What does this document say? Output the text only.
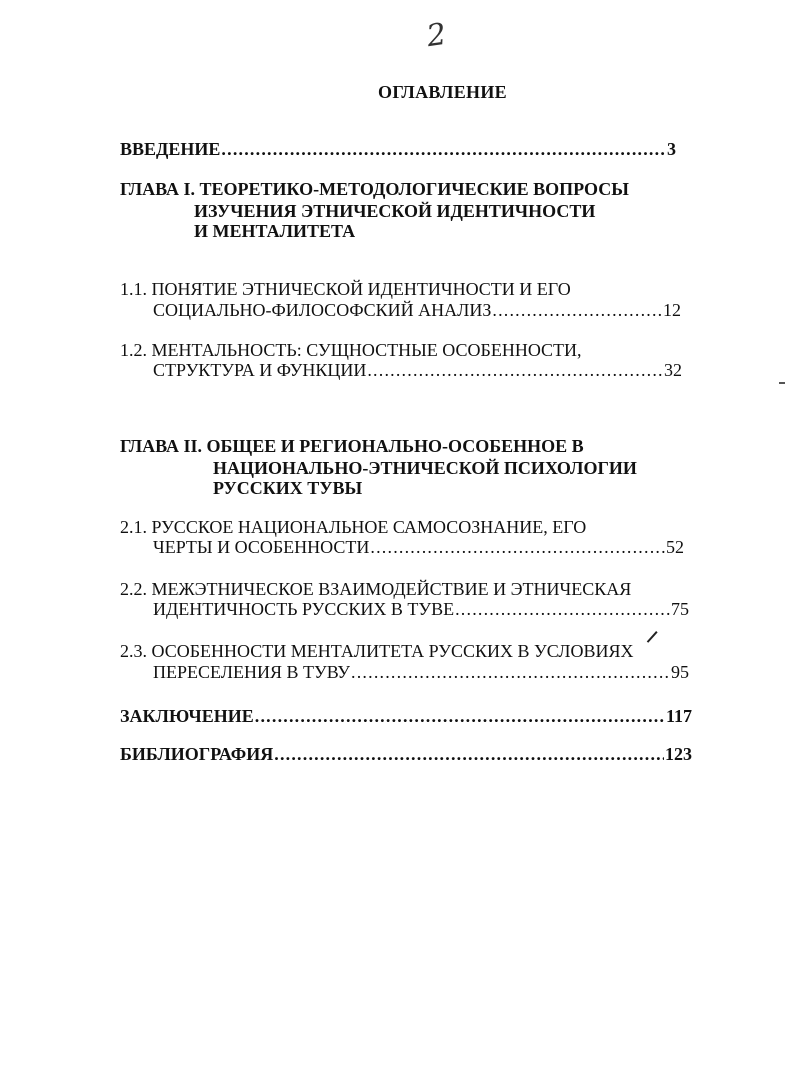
2
ОГЛАВЛЕНИЕ
ВВЕДЕНИЕ .....	3
ГЛАВА I. ТЕОРЕТИКО-МЕТОДОЛОГИЧЕСКИЕ ВОПРОСЫ
ИЗУЧЕНИЯ ЭТНИЧЕСКОЙ ИДЕНТИЧНОСТИ
И МЕНТАЛИТЕТА
1.1. ПОНЯТИЕ ЭТНИЧЕСКОЙ ИДЕНТИЧНОСТИ И ЕГО
СОЦИАЛЬНО-ФИЛОСОФСКИЙ АНАЛИЗ .....	12
1.2. МЕНТАЛЬНОСТЬ: СУЩНОСТНЫЕ ОСОБЕННОСТИ,
СТРУКТУРА И ФУНКЦИИ .....	32
ГЛАВА II. ОБЩЕЕ И РЕГИОНАЛЬНО-ОСОБЕННОЕ В
НАЦИОНАЛЬНО-ЭТНИЧЕСКОЙ ПСИХОЛОГИИ
РУССКИХ ТУВЫ
2.1. РУССКОЕ НАЦИОНАЛЬНОЕ САМОСОЗНАНИЕ, ЕГО
ЧЕРТЫ И ОСОБЕННОСТИ .....	52
2.2. МЕЖЭТНИЧЕСКОЕ ВЗАИМОДЕЙСТВИЕ И ЭТНИЧЕСКАЯ
ИДЕНТИЧНОСТЬ РУССКИХ В ТУВЕ .....	75
2.3. ОСОБЕННОСТИ МЕНТАЛИТЕТА РУССКИХ В УСЛОВИЯХ
ПЕРЕСЕЛЕНИЯ В ТУВУ .....	95
ЗАКЛЮЧЕНИЕ .....	117
БИБЛИОГРАФИЯ .....	123
